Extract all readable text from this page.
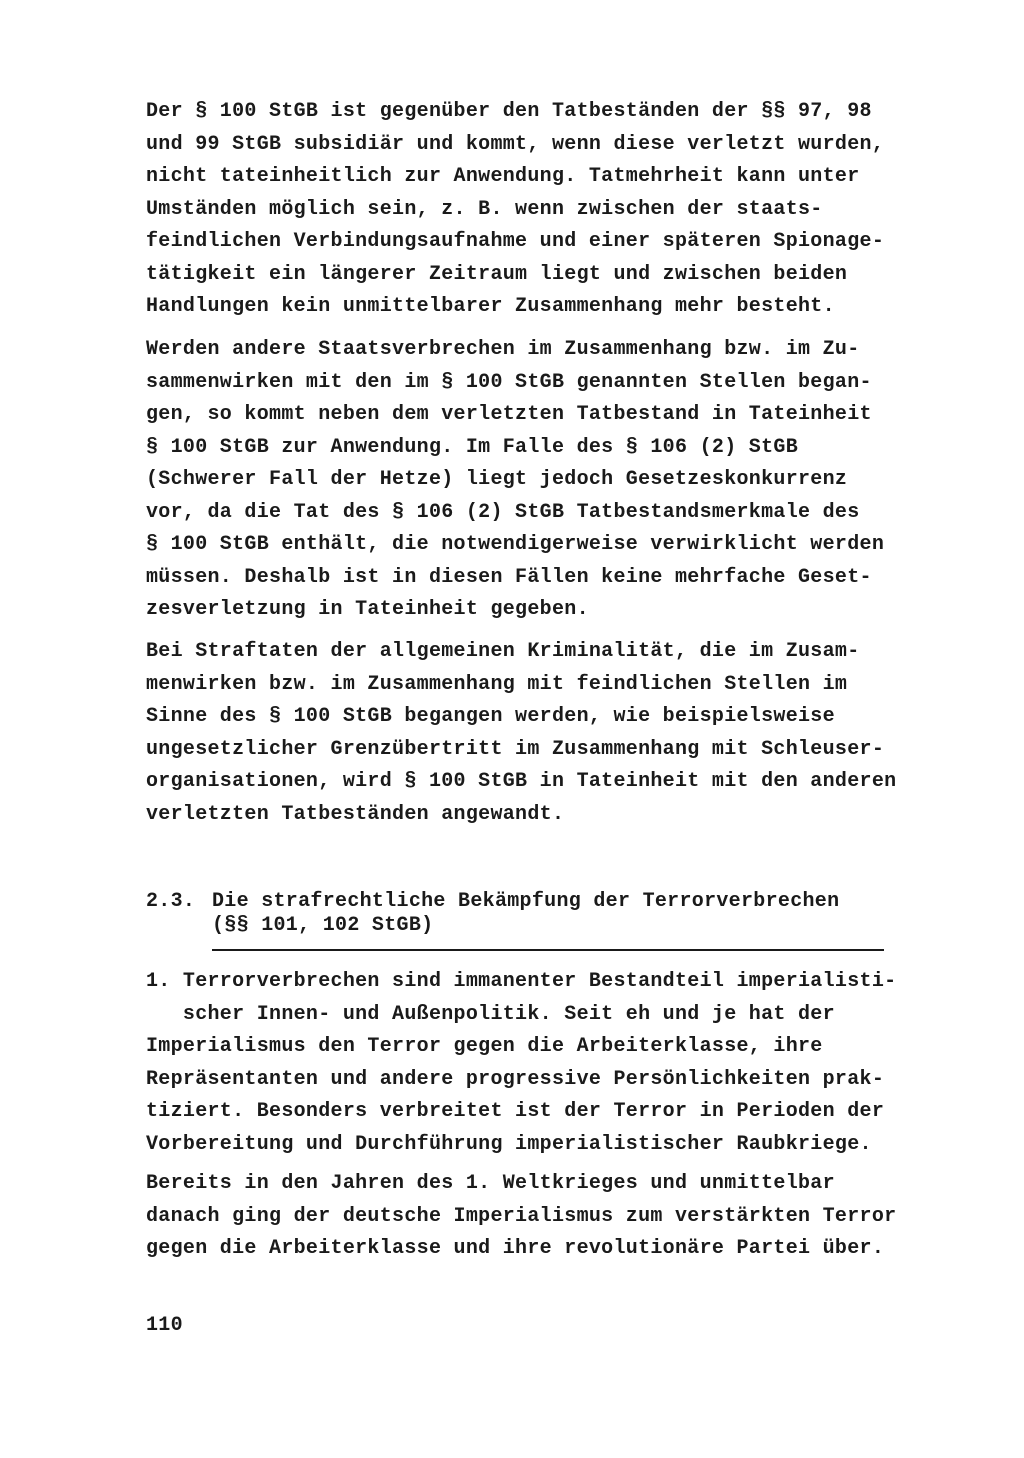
Der § 100 StGB ist gegenüber den Tatbeständen der §§ 97, 98
und 99 StGB subsidiär und kommt, wenn diese verletzt wurden,
nicht tateinheitlich zur Anwendung. Tatmehrheit kann unter
Umständen möglich sein, z. B. wenn zwischen der staats-
feindlichen Verbindungsaufnahme und einer späteren Spionage-
tätigkeit ein längerer Zeitraum liegt und zwischen beiden
Handlungen kein unmittelbarer Zusammenhang mehr besteht.
Werden andere Staatsverbrechen im Zusammenhang bzw. im Zu-
sammenwirken mit den im § 100 StGB genannten Stellen began-
gen, so kommt neben dem verletzten Tatbestand in Tateinheit
§ 100 StGB zur Anwendung. Im Falle des § 106 (2) StGB
(Schwerer Fall der Hetze) liegt jedoch Gesetzeskonkurrenz
vor, da die Tat des § 106 (2) StGB Tatbestandsmerkmale des
§ 100 StGB enthält, die notwendigerweise verwirklicht werden
müssen. Deshalb ist in diesen Fällen keine mehrfache Geset-
zesverletzung in Tateinheit gegeben.
Bei Straftaten der allgemeinen Kriminalität, die im Zusam-
menwirken bzw. im Zusammenhang mit feindlichen Stellen im
Sinne des § 100 StGB begangen werden, wie beispielsweise
ungesetzlicher Grenzübertritt im Zusammenhang mit Schleuser-
organisationen, wird § 100 StGB in Tateinheit mit den anderen
verletzten Tatbeständen angewandt.
2.3. Die strafrechtliche Bekämpfung der Terrorverbrechen
(§§ 101, 102 StGB)
1. Terrorverbrechen sind immanenter Bestandteil imperialisti-
scher Innen- und Außenpolitik. Seit eh und je hat der
Imperialismus den Terror gegen die Arbeiterklasse, ihre
Repräsentanten und andere progressive Persönlichkeiten prak-
tiziert. Besonders verbreitet ist der Terror in Perioden der
Vorbereitung und Durchführung imperialistischer Raubkriege.
Bereits in den Jahren des 1. Weltkrieges und unmittelbar
danach ging der deutsche Imperialismus zum verstärkten Terror
gegen die Arbeiterklasse und ihre revolutionäre Partei über.
110
